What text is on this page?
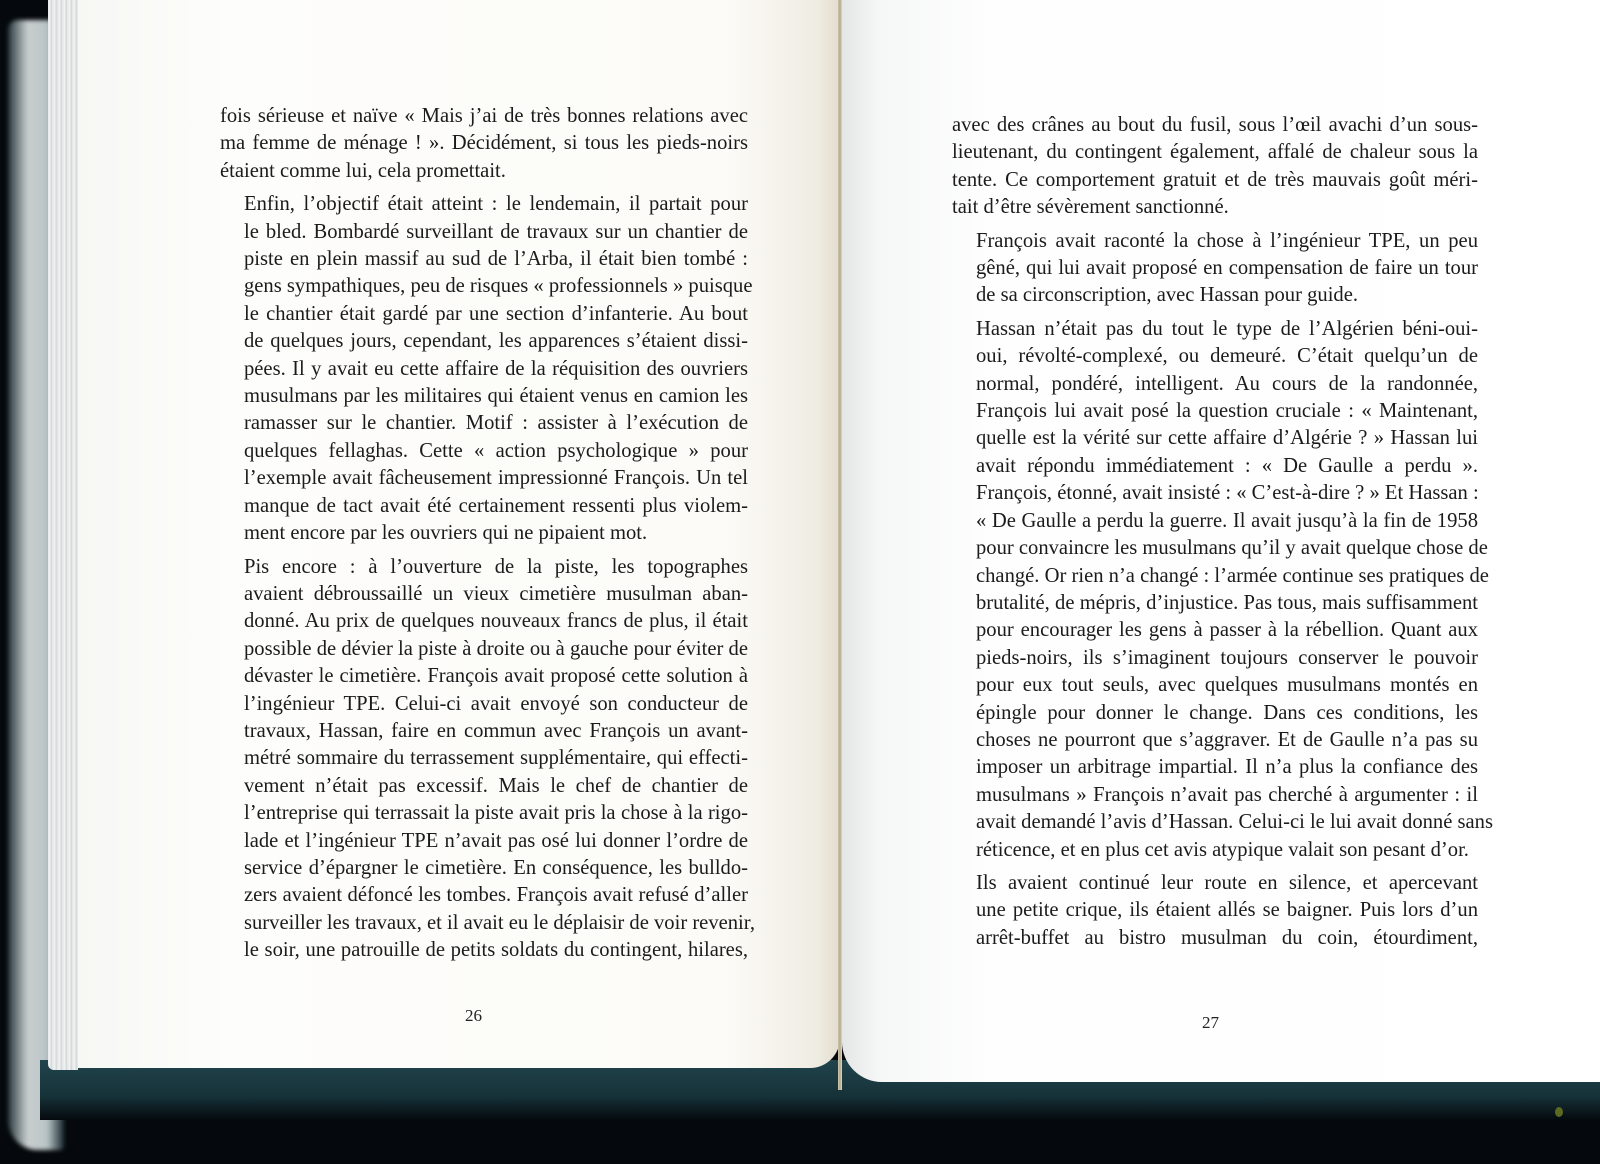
fois sérieuse et naïve « Mais j’ai de très bonnes relations avec
ma femme de ménage ! ». Décidément, si tous les pieds-noirs
étaient comme lui, cela promettait.

Enfin, l’objectif était atteint : le lendemain, il partait pour
le bled. Bombardé surveillant de travaux sur un chantier de
piste en plein massif au sud de l’Arba, il était bien tombé :
gens sympathiques, peu de risques « professionnels » puisque
le chantier était gardé par une section d’infanterie. Au bout
de quelques jours, cependant, les apparences s’étaient dissi-
pées. Il y avait eu cette affaire de la réquisition des ouvriers
musulmans par les militaires qui étaient venus en camion les
ramasser sur le chantier. Motif : assister à l’exécution de
quelques fellaghas. Cette « action psychologique » pour
l’exemple avait fâcheusement impressionné François. Un tel
manque de tact avait été certainement ressenti plus violem-
ment encore par les ouvriers qui ne pipaient mot.

Pis encore : à l’ouverture de la piste, les topographes
avaient débroussaillé un vieux cimetière musulman aban-
donné. Au prix de quelques nouveaux francs de plus, il était
possible de dévier la piste à droite ou à gauche pour éviter de
dévaster le cimetière. François avait proposé cette solution à
l’ingénieur TPE. Celui-ci avait envoyé son conducteur de
travaux, Hassan, faire en commun avec François un avant-
métré sommaire du terrassement supplémentaire, qui effecti-
vement n’était pas excessif. Mais le chef de chantier de
l’entreprise qui terrassait la piste avait pris la chose à la rigo-
lade et l’ingénieur TPE n’avait pas osé lui donner l’ordre de
service d’épargner le cimetière. En conséquence, les bulldo-
zers avaient défoncé les tombes. François avait refusé d’aller
surveiller les travaux, et il avait eu le déplaisir de voir revenir,
le soir, une patrouille de petits soldats du contingent, hilares,

avec des crânes au bout du fusil, sous l’œil avachi d’un sous-
lieutenant, du contingent également, affalé de chaleur sous la
tente. Ce comportement gratuit et de très mauvais goût méri-
tait d’être sévèrement sanctionné.

François avait raconté la chose à l’ingénieur TPE, un peu
gêné, qui lui avait proposé en compensation de faire un tour
de sa circonscription, avec Hassan pour guide.

Hassan n’était pas du tout le type de l’Algérien béni-oui-
oui, révolté-complexé, ou demeuré. C’était quelqu’un de
normal, pondéré, intelligent. Au cours de la randonnée,
François lui avait posé la question cruciale : « Maintenant,
quelle est la vérité sur cette affaire d’Algérie ? » Hassan lui
avait répondu immédiatement : « De Gaulle a perdu ».
François, étonné, avait insisté : « C’est-à-dire ? » Et Hassan :
« De Gaulle a perdu la guerre. Il avait jusqu’à la fin de 1958
pour convaincre les musulmans qu’il y avait quelque chose de
changé. Or rien n’a changé : l’armée continue ses pratiques de
brutalité, de mépris, d’injustice. Pas tous, mais suffisamment
pour encourager les gens à passer à la rébellion. Quant aux
pieds-noirs, ils s’imaginent toujours conserver le pouvoir
pour eux tout seuls, avec quelques musulmans montés en
épingle pour donner le change. Dans ces conditions, les
choses ne pourront que s’aggraver. Et de Gaulle n’a pas su
imposer un arbitrage impartial. Il n’a plus la confiance des
musulmans » François n’avait pas cherché à argumenter : il
avait demandé l’avis d’Hassan. Celui-ci le lui avait donné sans
réticence, et en plus cet avis atypique valait son pesant d’or.

Ils avaient continué leur route en silence, et apercevant
une petite crique, ils étaient allés se baigner. Puis lors d’un
arrêt-buffet au bistro musulman du coin, étourdiment,

26	27
